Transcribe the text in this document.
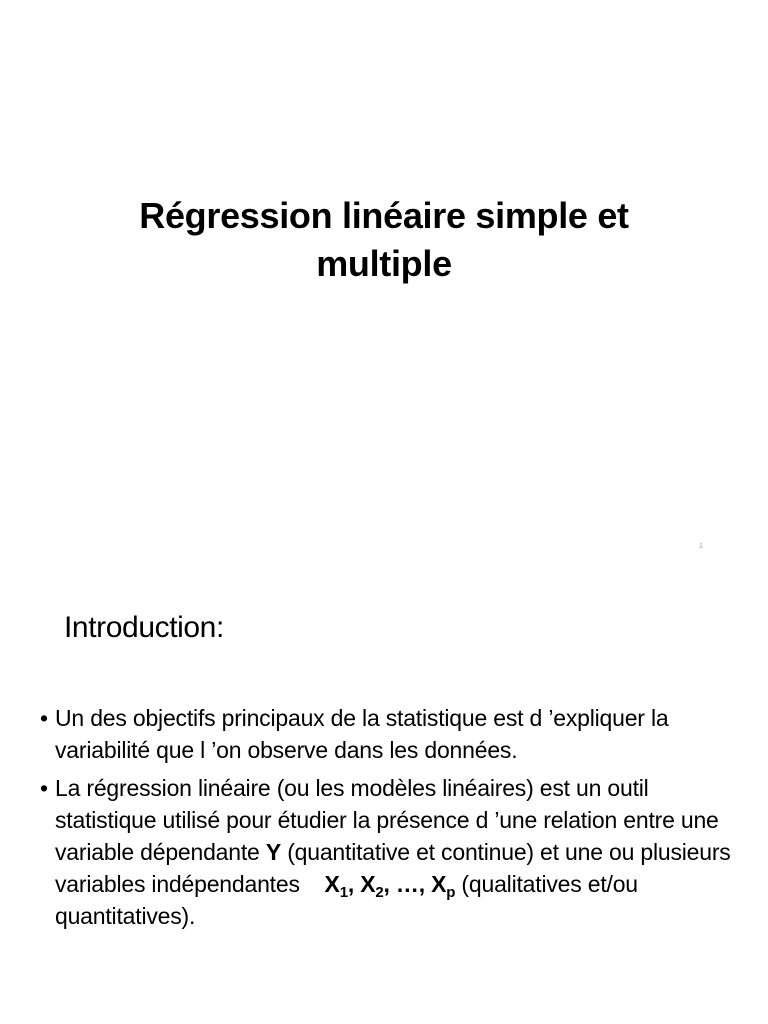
Régression linéaire simple et
multiple
1
Introduction:
• Un des objectifs principaux de la statistique est d ’expliquer la variabilité que l ’on observe dans les données.
• La régression linéaire (ou les modèles linéaires) est un outil statistique utilisé pour étudier la présence d ’une relation entre une variable dépendante Y (quantitative et continue) et une ou plusieurs variables indépendantes $X_1$, $X_2$, …, $X_p$ (qualitatives et/ou quantitatives).
